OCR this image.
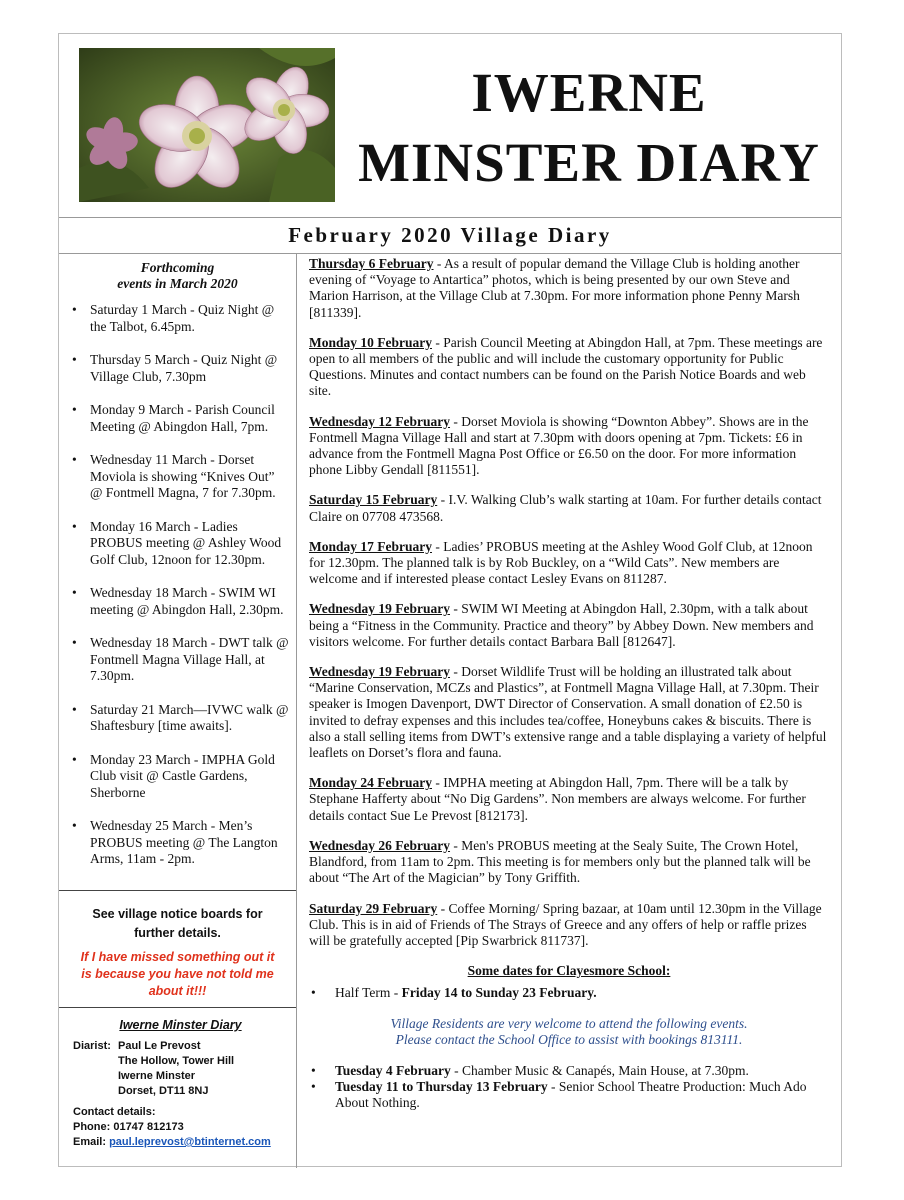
IWERNE
MINSTER DIARY
February 2020 Village Diary
Forthcoming
events in March 2020
• Saturday 1 March - Quiz Night @ the Talbot, 6.45pm.
• Thursday 5 March - Quiz Night @ Village Club, 7.30pm
• Monday 9 March - Parish Council Meeting @ Abingdon Hall, 7pm.
• Wednesday 11 March - Dorset Moviola is showing “Knives Out” @ Fontmell Magna, 7 for 7.30pm.
• Monday 16 March - Ladies PROBUS meeting @ Ashley Wood Golf Club, 12noon for 12.30pm.
• Wednesday 18 March - SWIM WI meeting @ Abingdon Hall, 2.30pm.
• Wednesday 18 March - DWT talk @ Fontmell Magna Village Hall, at 7.30pm.
• Saturday 21 March—IVWC walk @ Shaftesbury [time awaits].
• Monday 23 March - IMPHA Gold Club visit @ Castle Gardens, Sherborne
• Wednesday 25 March - Men’s PROBUS meeting @ The Langton Arms, 11am - 2pm.
See village notice boards for further details.
If I have missed something out it is because you have not told me about it!!!
Iwerne Minster Diary
Diarist: Paul Le Prevost
The Hollow, Tower Hill
Iwerne Minster
Dorset, DT11 8NJ
Contact details:
Phone: 01747 812173
Email: paul.leprevost@btinternet.com
Thursday 6 February - As a result of popular demand the Village Club is holding another evening of “Voyage to Antartica” photos, which is being presented by our own Steve and Marion Harrison, at the Village Club at 7.30pm. For more information phone Penny Marsh [811339].
Monday 10 February - Parish Council Meeting at Abingdon Hall, at 7pm. These meetings are open to all members of the public and will include the customary opportunity for Public Questions. Minutes and contact numbers can be found on the Parish Notice Boards and web site.
Wednesday 12 February - Dorset Moviola is showing “Downton Abbey”. Shows are in the Fontmell Magna Village Hall and start at 7.30pm with doors opening at 7pm. Tickets: £6 in advance from the Fontmell Magna Post Office or £6.50 on the door. For more information phone Libby Gendall [811551].
Saturday 15 February - I.V. Walking Club’s walk starting at 10am. For further details contact Claire on 07708 473568.
Monday 17 February - Ladies’ PROBUS meeting at the Ashley Wood Golf Club, at 12noon for 12.30pm. The planned talk is by Rob Buckley, on a “Wild Cats”. New members are welcome and if interested please contact Lesley Evans on 811287.
Wednesday 19 February - SWIM WI Meeting at Abingdon Hall, 2.30pm, with a talk about being a “Fitness in the Community. Practice and theory” by Abbey Down. New members and visitors welcome. For further details contact Barbara Ball [812647].
Wednesday 19 February - Dorset Wildlife Trust will be holding an illustrated talk about “Marine Conservation, MCZs and Plastics”, at Fontmell Magna Village Hall, at 7.30pm. Their speaker is Imogen Davenport, DWT Director of Conservation. A small donation of £2.50 is invited to defray expenses and this includes tea/coffee, Honeybuns cakes & biscuits. There is also a stall selling items from DWT’s extensive range and a table displaying a variety of helpful leaflets on Dorset’s flora and fauna.
Monday 24 February - IMPHA meeting at Abingdon Hall, 7pm. There will be a talk by Stephane Hafferty about “No Dig Gardens”. Non members are always welcome. For further details contact Sue Le Prevost [812173].
Wednesday 26 February - Men's PROBUS meeting at the Sealy Suite, The Crown Hotel, Blandford, from 11am to 2pm. This meeting is for members only but the planned talk will be about “The Art of the Magician” by Tony Griffith.
Saturday 29 February - Coffee Morning/ Spring bazaar, at 10am until 12.30pm in the Village Club. This is in aid of Friends of The Strays of Greece and any offers of help or raffle prizes will be gratefully accepted [Pip Swarbrick 811737].
Some dates for Clayesmore School:
• Half Term - Friday 14 to Sunday 23 February.
Village Residents are very welcome to attend the following events.
Please contact the School Office to assist with bookings 813111.
• Tuesday 4 February - Chamber Music & Canapés, Main House, at 7.30pm.
• Tuesday 11 to Thursday 13 February - Senior School Theatre Production: Much Ado About Nothing.
